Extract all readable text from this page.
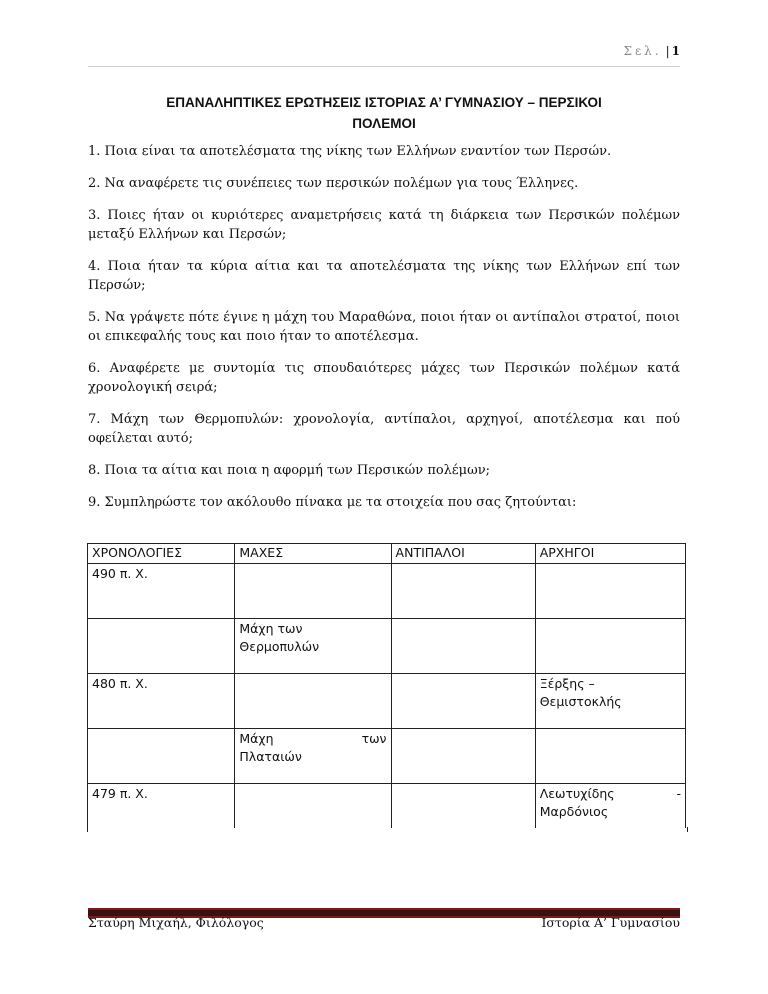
Σελ. | 1
ΕΠΑΝΑΛΗΠΤΙΚΕΣ ΕΡΩΤΗΣΕΙΣ ΙΣΤΟΡΙΑΣ Α’ ΓΥΜΝΑΣΙΟΥ – ΠΕΡΣΙΚΟΙ
ΠΟΛΕΜΟΙ

1. Ποια είναι τα αποτελέσματα της νίκης των Ελλήνων εναντίον των Περσών.

2. Να αναφέρετε τις συνέπειες των περσικών πολέμων για τους Έλληνες.

3. Ποιες ήταν οι κυριότερες αναμετρήσεις κατά τη διάρκεια των Περσικών πολέμων μεταξύ Ελλήνων και Περσών;

4. Ποια ήταν τα κύρια αίτια και τα αποτελέσματα της νίκης των Ελλήνων επί των Περσών;

5. Να γράψετε πότε έγινε η μάχη του Μαραθώνα, ποιοι ήταν οι αντίπαλοι στρατοί, ποιοι οι επικεφαλής τους και ποιο ήταν το αποτέλεσμα.

6. Αναφέρετε με συντομία τις σπουδαιότερες μάχες των Περσικών πολέμων κατά χρονολογική σειρά;

7. Μάχη των Θερμοπυλών: χρονολογία, αντίπαλοι, αρχηγοί, αποτέλεσμα και πού οφείλεται αυτό;

8. Ποια τα αίτια και ποια η αφορμή των Περσικών πολέμων;

9. Συμπληρώστε τον ακόλουθο πίνακα με τα στοιχεία που σας ζητούνται:

ΧΡΟΝΟΛΟΓΙΕΣ	ΜΑΧΕΣ	ΑΝΤΙΠΑΛΟΙ	ΑΡΧΗΓΟΙ
490 π. Χ.			

	Μάχη των
Θερμοπυλών		

480 π. Χ.			Ξέρξης –
Θεμιστοκλής

	Μάχη των
Πλαταιών		

479 π. Χ.			Λεωτυχίδης -
Μαρδόνιος
Σταύρη Μιχαήλ, Φιλόλογος	Ιστορία Α’ Γυμνασίου
